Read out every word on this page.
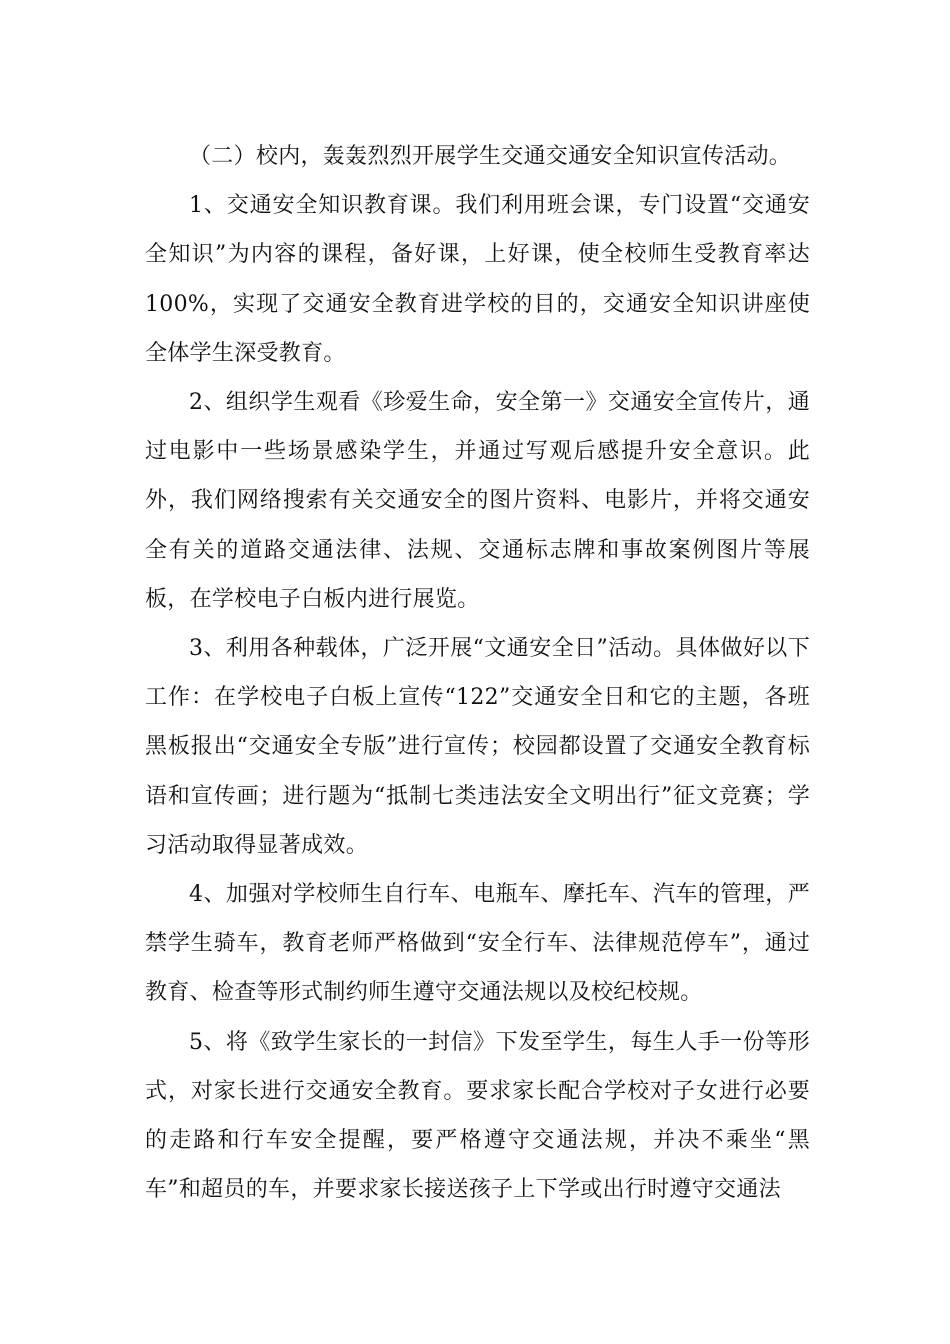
（二）校内，轰轰烈烈开展学生交通交通安全知识宣传活动。

1、交通安全知识教育课。我们利用班会课，专门设置“交通安全知识”为内容的课程，备好课，上好课，使全校师生受教育率达100%，实现了交通安全教育进学校的目的，交通安全知识讲座使全体学生深受教育。

2、组织学生观看《珍爱生命，安全第一》交通安全宣传片，通过电影中一些场景感染学生，并通过写观后感提升安全意识。此外，我们网络搜索有关交通安全的图片资料、电影片，并将交通安全有关的道路交通法律、法规、交通标志牌和事故案例图片等展板，在学校电子白板内进行展览。

3、利用各种载体，广泛开展“文通安全日”活动。具体做好以下工作：在学校电子白板上宣传“122”交通安全日和它的主题，各班黑板报出“交通安全专版”进行宣传；校园都设置了交通安全教育标语和宣传画；进行题为“抵制七类违法安全文明出行”征文竞赛；学习活动取得显著成效。

4、加强对学校师生自行车、电瓶车、摩托车、汽车的管理，严禁学生骑车，教育老师严格做到“安全行车、法律规范停车”，通过教育、检查等形式制约师生遵守交通法规以及校纪校规。

5、将《致学生家长的一封信》下发至学生，每生人手一份等形式，对家长进行交通安全教育。要求家长配合学校对子女进行必要的走路和行车安全提醒，要严格遵守交通法规，并决不乘坐“黑车”和超员的车，并要求家长接送孩子上下学或出行时遵守交通法
